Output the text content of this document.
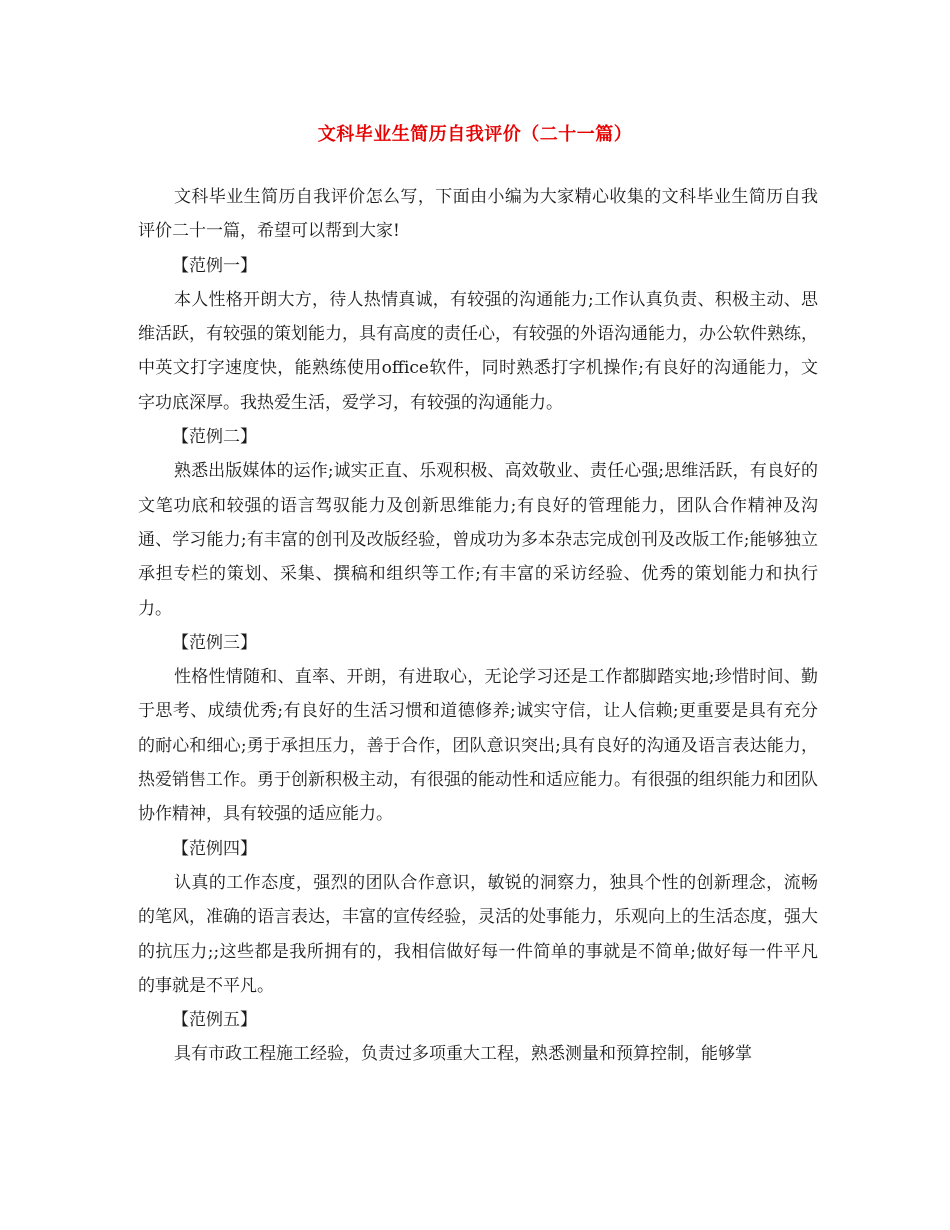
文科毕业生简历自我评价（二十一篇）

文科毕业生简历自我评价怎么写，下面由小编为大家精心收集的文科毕业生简历自我评价二十一篇，希望可以帮到大家!

【范例一】

本人性格开朗大方，待人热情真诚，有较强的沟通能力;工作认真负责、积极主动、思维活跃，有较强的策划能力，具有高度的责任心，有较强的外语沟通能力，办公软件熟练，中英文打字速度快，能熟练使用office软件，同时熟悉打字机操作;有良好的沟通能力，文字功底深厚。我热爱生活，爱学习，有较强的沟通能力。

【范例二】

熟悉出版媒体的运作;诚实正直、乐观积极、高效敬业、责任心强;思维活跃，有良好的文笔功底和较强的语言驾驭能力及创新思维能力;有良好的管理能力，团队合作精神及沟通、学习能力;有丰富的创刊及改版经验，曾成功为多本杂志完成创刊及改版工作;能够独立承担专栏的策划、采集、撰稿和组织等工作;有丰富的采访经验、优秀的策划能力和执行力。

【范例三】

性格性情随和、直率、开朗，有进取心，无论学习还是工作都脚踏实地;珍惜时间、勤于思考、成绩优秀;有良好的生活习惯和道德修养;诚实守信，让人信赖;更重要是具有充分的耐心和细心;勇于承担压力，善于合作，团队意识突出;具有良好的沟通及语言表达能力，热爱销售工作。勇于创新积极主动，有很强的能动性和适应能力。有很强的组织能力和团队协作精神，具有较强的适应能力。

【范例四】

认真的工作态度，强烈的团队合作意识，敏锐的洞察力，独具个性的创新理念，流畅的笔风，准确的语言表达，丰富的宣传经验，灵活的处事能力，乐观向上的生活态度，强大的抗压力;;这些都是我所拥有的，我相信做好每一件简单的事就是不简单;做好每一件平凡的事就是不平凡。

【范例五】

具有市政工程施工经验，负责过多项重大工程，熟悉测量和预算控制，能够掌
